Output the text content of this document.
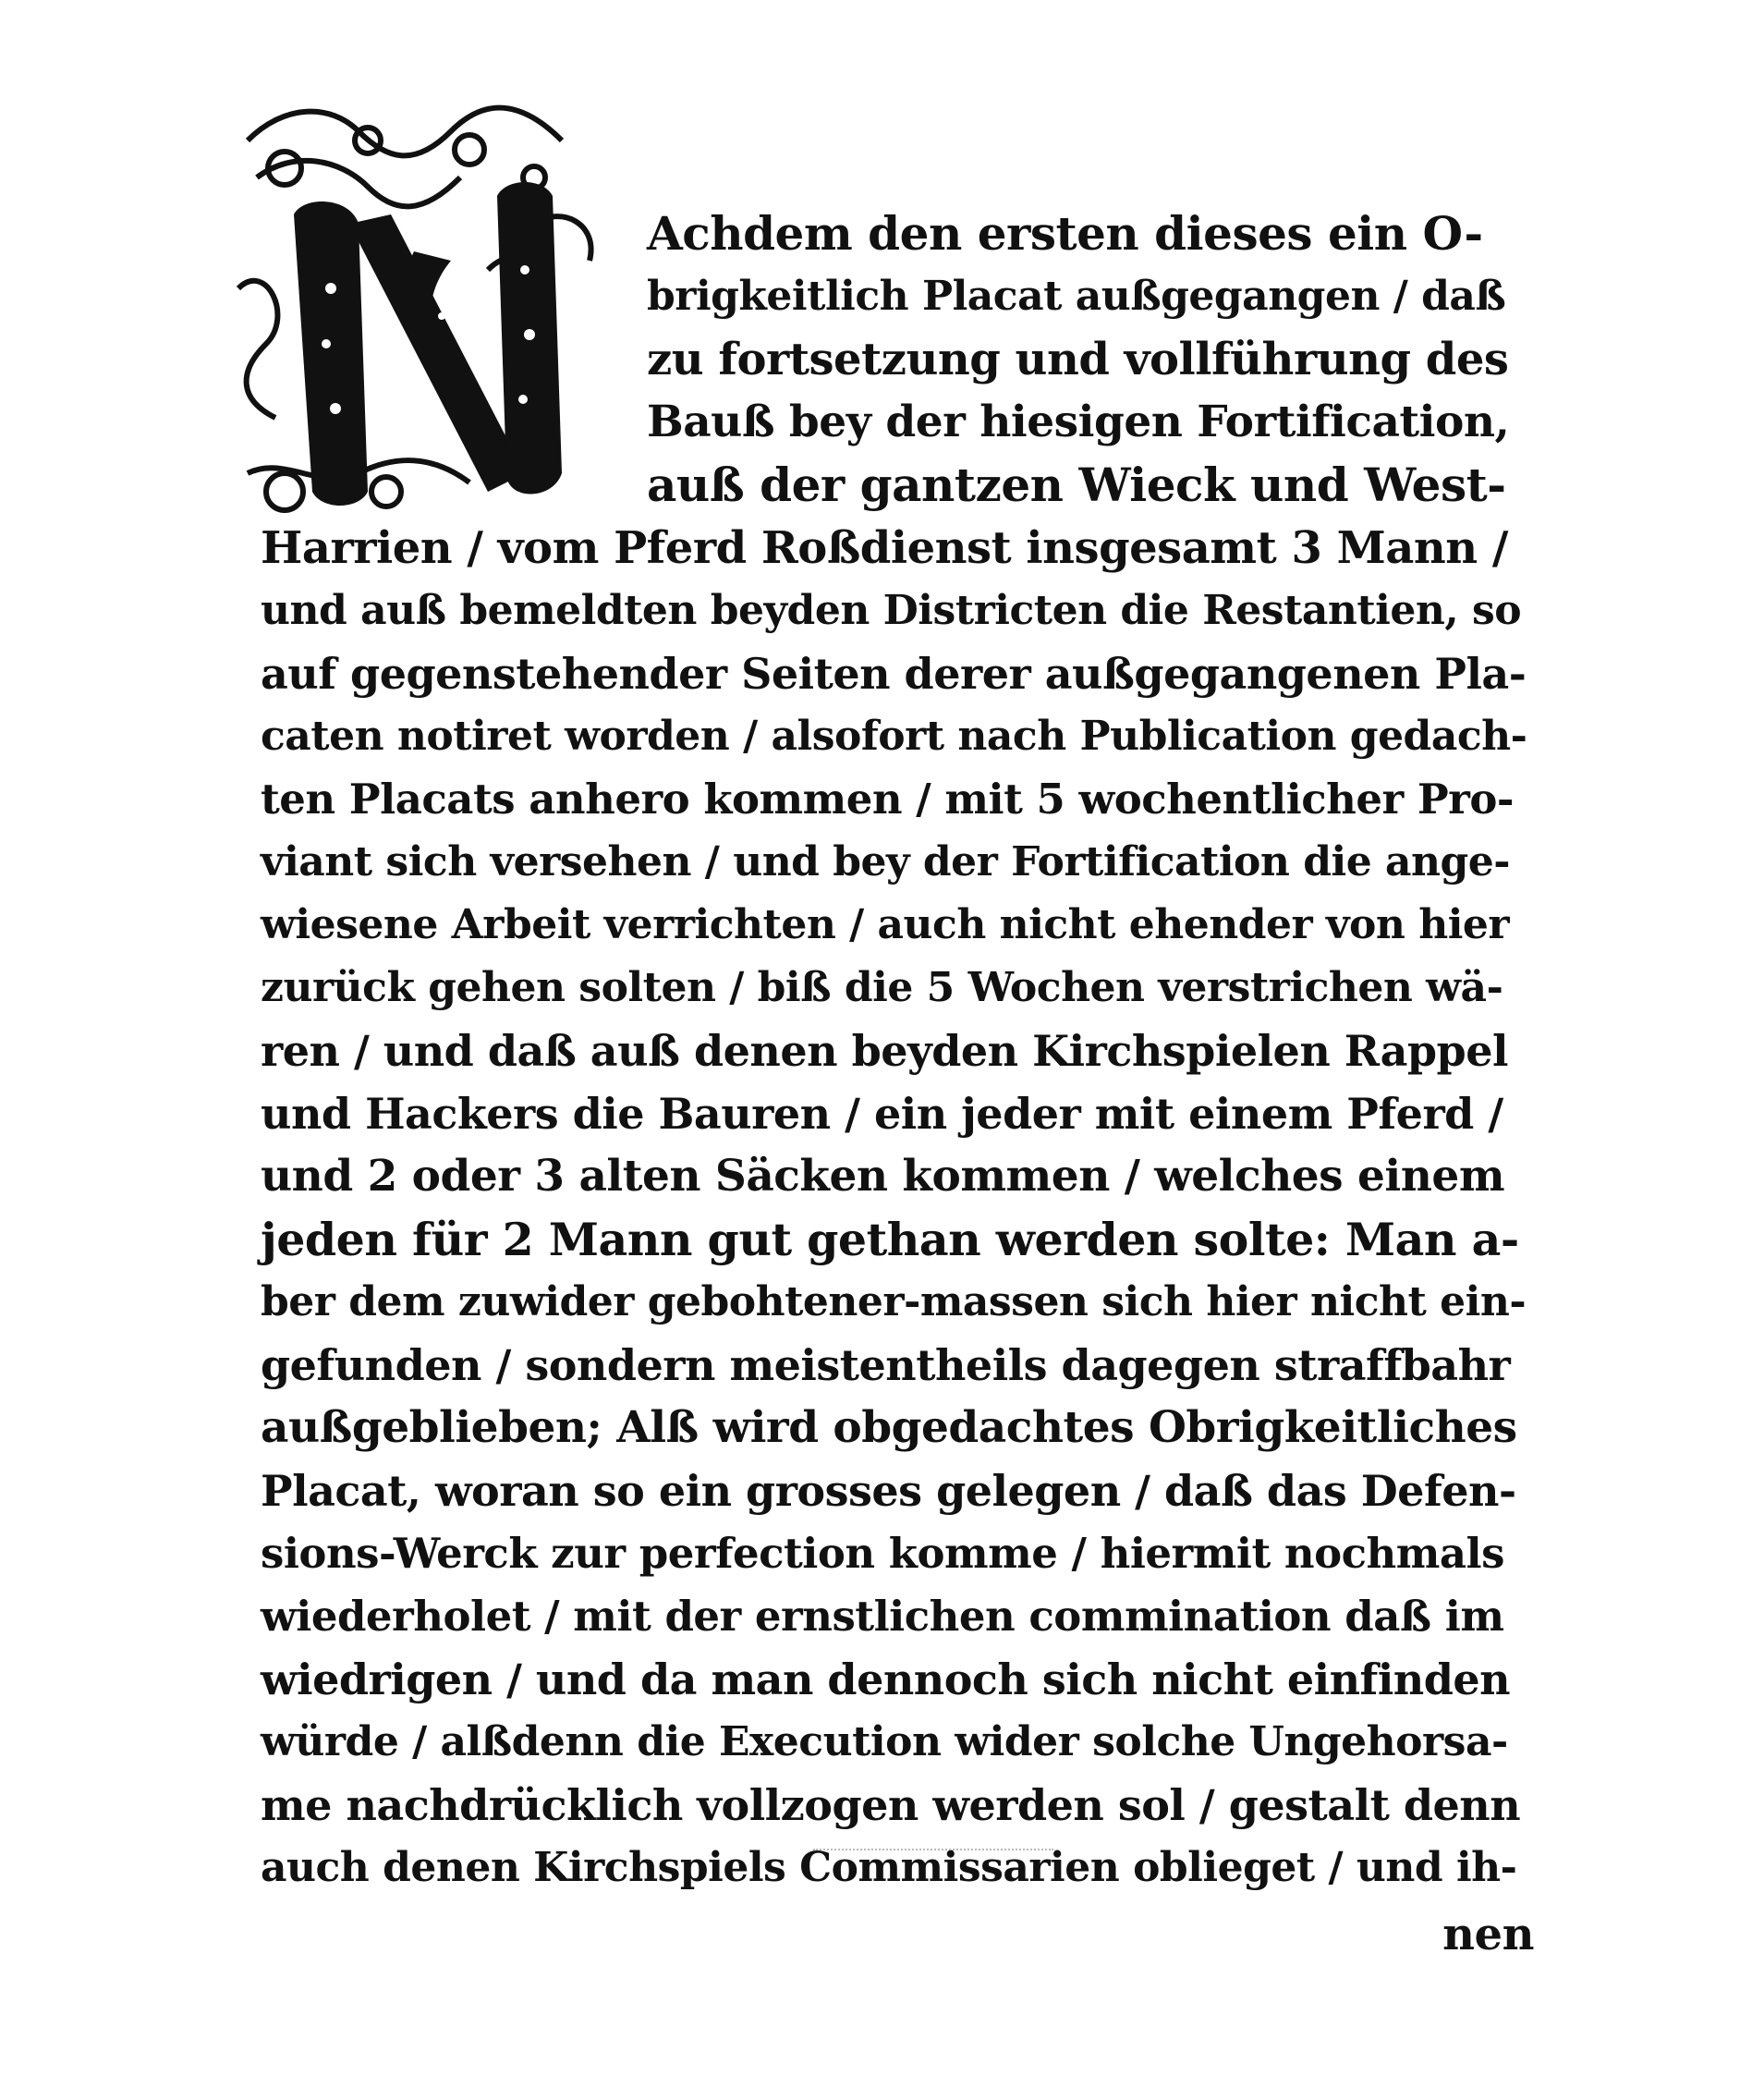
Achdem den ersten dieses ein O-
brigkeitlich Placat außgegangen / daß
zu fortsetzung und vollführung des
Bauß bey der hiesigen Fortification,
auß der gantzen Wieck und West-
Harrien / vom Pferd Roßdienst insgesamt 3 Mann /
und auß bemeldten beyden Districten die Restantien, so
auf gegenstehender Seiten derer außgegangenen Pla-
caten notiret worden / alsofort nach Publication gedach-
ten Placats anhero kommen / mit 5 wochentlicher Pro-
viant sich versehen / und bey der Fortification die ange-
wiesene Arbeit verrichten / auch nicht ehender von hier
zurück gehen solten / biß die 5 Wochen verstrichen wä-
ren / und daß auß denen beyden Kirchspielen Rappel
und Hackers die Bauren / ein jeder mit einem Pferd /
und 2 oder 3 alten Säcken kommen / welches einem
jeden für 2 Mann gut gethan werden solte: Man a-
ber dem zuwider gebohtener-massen sich hier nicht ein-
gefunden / sondern meistentheils dagegen straffbahr
außgeblieben; Alß wird obgedachtes Obrigkeitliches
Placat, woran so ein grosses gelegen / daß das Defen-
sions-Werck zur perfection komme / hiermit nochmals
wiederholet / mit der ernstlichen commination daß im
wiedrigen / und da man dennoch sich nicht einfinden
würde / alßdenn die Execution wider solche Ungehorsa-
me nachdrücklich vollzogen werden sol / gestalt denn
auch denen Kirchspiels Commissarien oblieget / und ih-
nen
